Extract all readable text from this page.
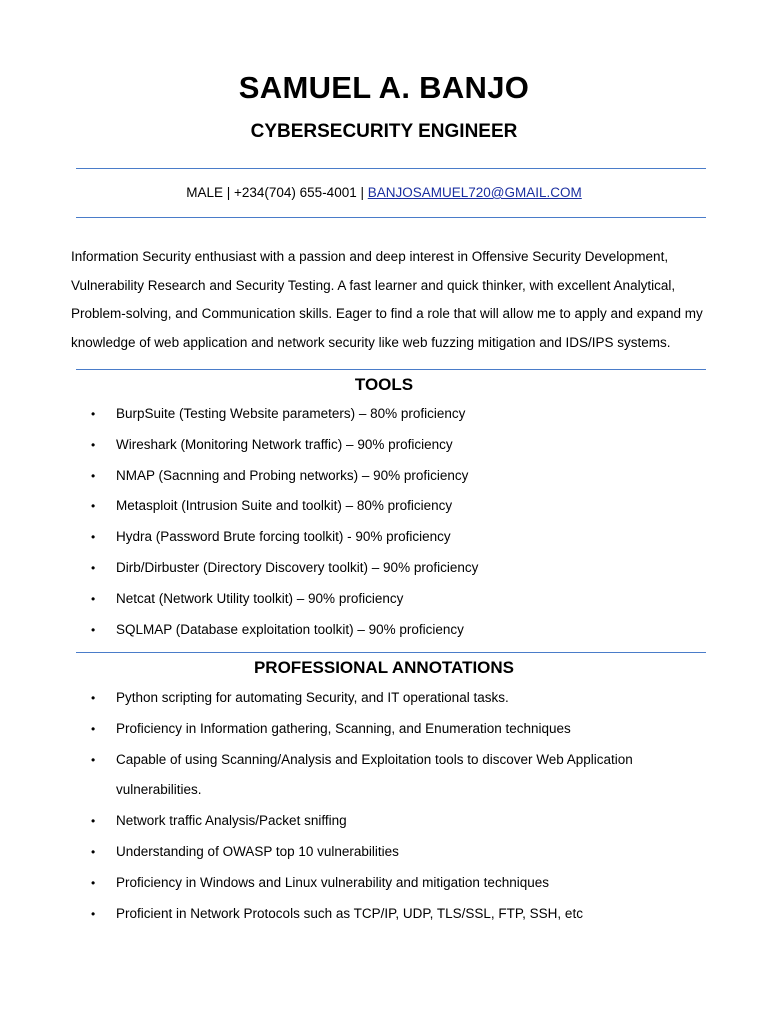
SAMUEL A. BANJO
CYBERSECURITY ENGINEER
MALE | +234(704) 655-4001 | BANJOSAMUEL720@GMAIL.COM
Information Security enthusiast with a passion and deep interest in Offensive Security Development, Vulnerability Research and Security Testing. A fast learner and quick thinker, with excellent Analytical, Problem-solving, and Communication skills. Eager to find a role that will allow me to apply and expand my knowledge of web application and network security like web fuzzing mitigation and IDS/IPS systems.
TOOLS
• BurpSuite (Testing Website parameters) – 80% proficiency
• Wireshark (Monitoring Network traffic) – 90% proficiency
• NMAP (Sacnning and Probing networks) – 90% proficiency
• Metasploit (Intrusion Suite and toolkit) – 80% proficiency
• Hydra (Password Brute forcing toolkit) - 90% proficiency
• Dirb/Dirbuster (Directory Discovery toolkit) – 90% proficiency
• Netcat (Network Utility toolkit) – 90% proficiency
• SQLMAP (Database exploitation toolkit) – 90% proficiency
PROFESSIONAL ANNOTATIONS
• Python scripting for automating Security, and IT operational tasks.
• Proficiency in Information gathering, Scanning, and Enumeration techniques
• Capable of using Scanning/Analysis and Exploitation tools to discover Web Application vulnerabilities.
• Network traffic Analysis/Packet sniffing
• Understanding of OWASP top 10 vulnerabilities
• Proficiency in Windows and Linux vulnerability and mitigation techniques
• Proficient in Network Protocols such as TCP/IP, UDP, TLS/SSL, FTP, SSH, etc
